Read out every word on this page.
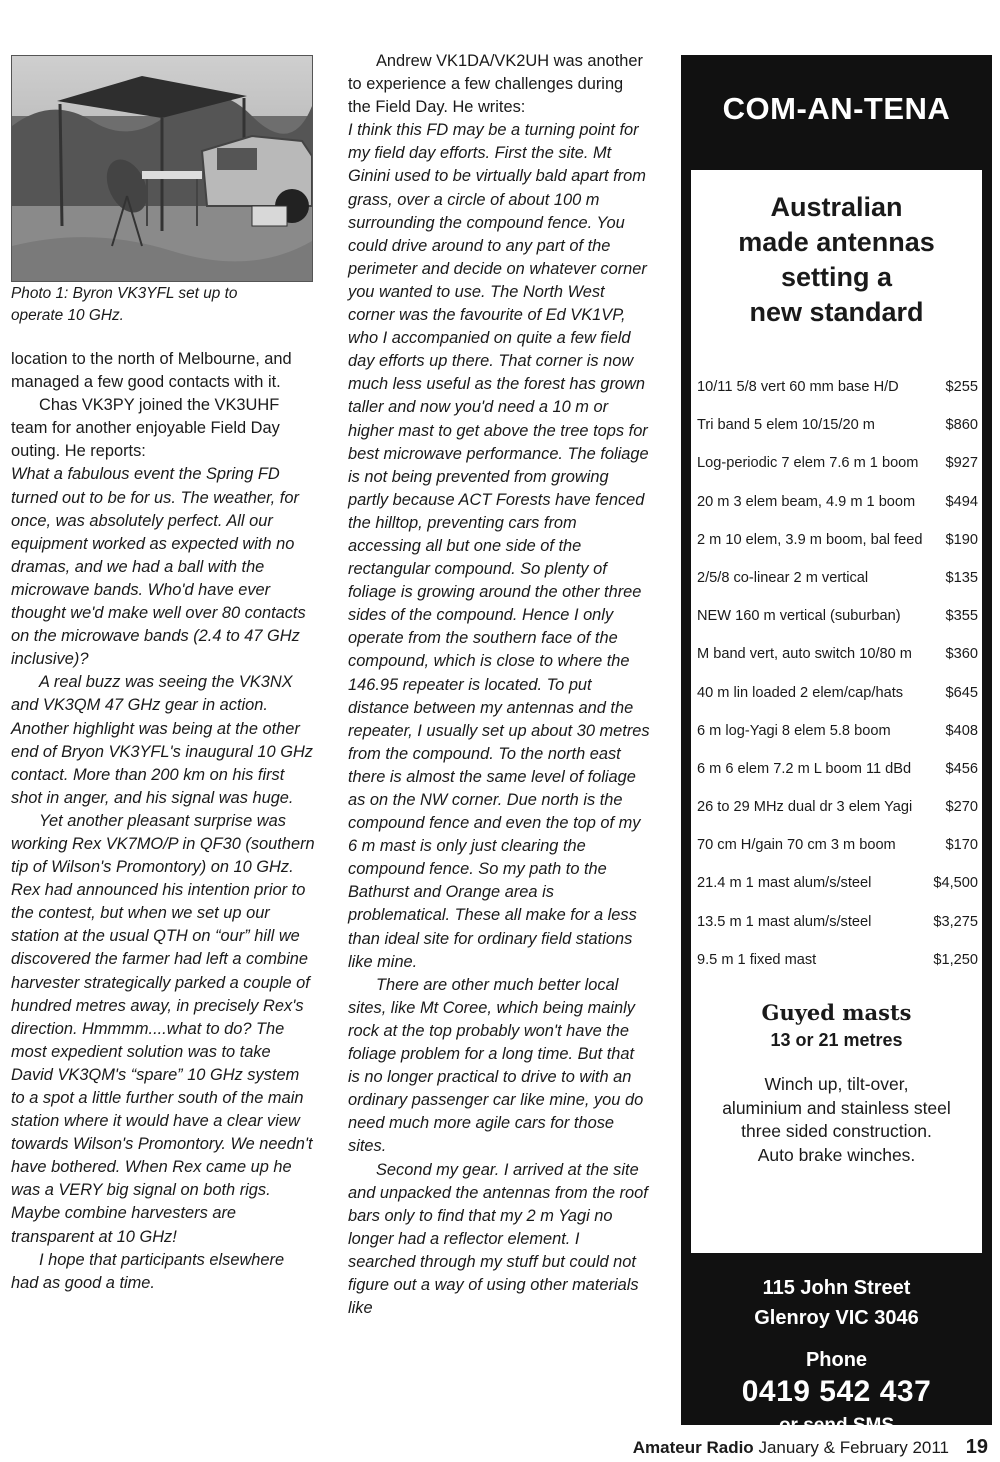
Photo 1: Byron VK3YFL set up to
operate 10 GHz.

location to the north of Melbourne, and managed a few good contacts with it.

Chas VK3PY joined the VK3UHF team for another enjoyable Field Day outing. He reports:

What a fabulous event the Spring FD turned out to be for us. The weather, for once, was absolutely perfect. All our equipment worked as expected with no dramas, and we had a ball with the microwave bands. Who'd have ever thought we'd make well over 80 contacts on the microwave bands (2.4 to 47 GHz inclusive)?

A real buzz was seeing the VK3NX and VK3QM 47 GHz gear in action. Another highlight was being at the other end of Bryon VK3YFL's inaugural 10 GHz contact. More than 200 km on his first shot in anger, and his signal was huge.

Yet another pleasant surprise was working Rex VK7MO/P in QF30 (southern tip of Wilson's Promontory) on 10 GHz. Rex had announced his intention prior to the contest, but when we set up our station at the usual QTH on “our” hill we discovered the farmer had left a combine harvester strategically parked a couple of hundred metres away, in precisely Rex's direction. Hmmmm....what to do? The most expedient solution was to take David VK3QM's “spare” 10 GHz system to a spot a little further south of the main station where it would have a clear view towards Wilson's Promontory. We needn't have bothered. When Rex came up he was a VERY big signal on both rigs. Maybe combine harvesters are transparent at 10 GHz!

I hope that participants elsewhere had as good a time.

Andrew VK1DA/VK2UH was another to experience a few challenges during the Field Day. He writes:

I think this FD may be a turning point for my field day efforts. First the site. Mt Ginini used to be virtually bald apart from grass, over a circle of about 100 m surrounding the compound fence. You could drive around to any part of the perimeter and decide on whatever corner you wanted to use. The North West corner was the favourite of Ed VK1VP, who I accompanied on quite a few field day efforts up there. That corner is now much less useful as the forest has grown taller and now you'd need a 10 m or higher mast to get above the tree tops for best microwave performance. The foliage is not being prevented from growing partly because ACT Forests have fenced the hilltop, preventing cars from accessing all but one side of the rectangular compound. So plenty of foliage is growing around the other three sides of the compound. Hence I only operate from the southern face of the compound, which is close to where the 146.95 repeater is located. To put distance between my antennas and the repeater, I usually set up about 30 metres from the compound. To the north east there is almost the same level of foliage as on the NW corner. Due north is the compound fence and even the top of my 6 m mast is only just clearing the compound fence. So my path to the Bathurst and Orange area is problematical. These all make for a less than ideal site for ordinary field stations like mine.

There are other much better local sites, like Mt Coree, which being mainly rock at the top probably won't have the foliage problem for a long time. But that is no longer practical to drive to with an ordinary passenger car like mine, you do need much more agile cars for those sites.

Second my gear. I arrived at the site and unpacked the antennas from the roof bars only to find that my 2 m Yagi no longer had a reflector element. I searched through my stuff but could not figure out a way of using other materials like

COM-AN-TENA
Australian
made antennas
setting a
new standard
10/11 5/8 vert 60 mm base H/D	$255
Tri band 5 elem 10/15/20 m	$860
Log-periodic 7 elem 7.6 m 1 boom $927
20 m 3 elem beam, 4.9 m 1 boom $494
2 m 10 elem, 3.9 m boom, bal feed $190
2/5/8 co-linear 2 m vertical	$135
NEW 160 m vertical (suburban)	$355
M band vert, auto switch 10/80 m $360
40 m lin loaded 2 elem/cap/hats	$645
6 m log-Yagi 8 elem 5.8 boom	$408
6 m 6 elem 7.2 m L boom 11 dBd $456
26 to 29 MHz dual dr 3 elem Yagi $270
70 cm H/gain 70 cm 3 m boom	$170
21.4 m 1 mast alum/s/steel	$4,500
13.5 m 1 mast alum/s/steel	$3,275
9.5 m 1 fixed mast	$1,250
Guyed masts
13 or 21 metres
Winch up, tilt-over,
aluminium and stainless steel
three sided construction.
Auto brake winches.
115 John Street
Glenroy VIC 3046
Phone
0419 542 437
or send SMS
Amateur Radio January & February 2011 19
